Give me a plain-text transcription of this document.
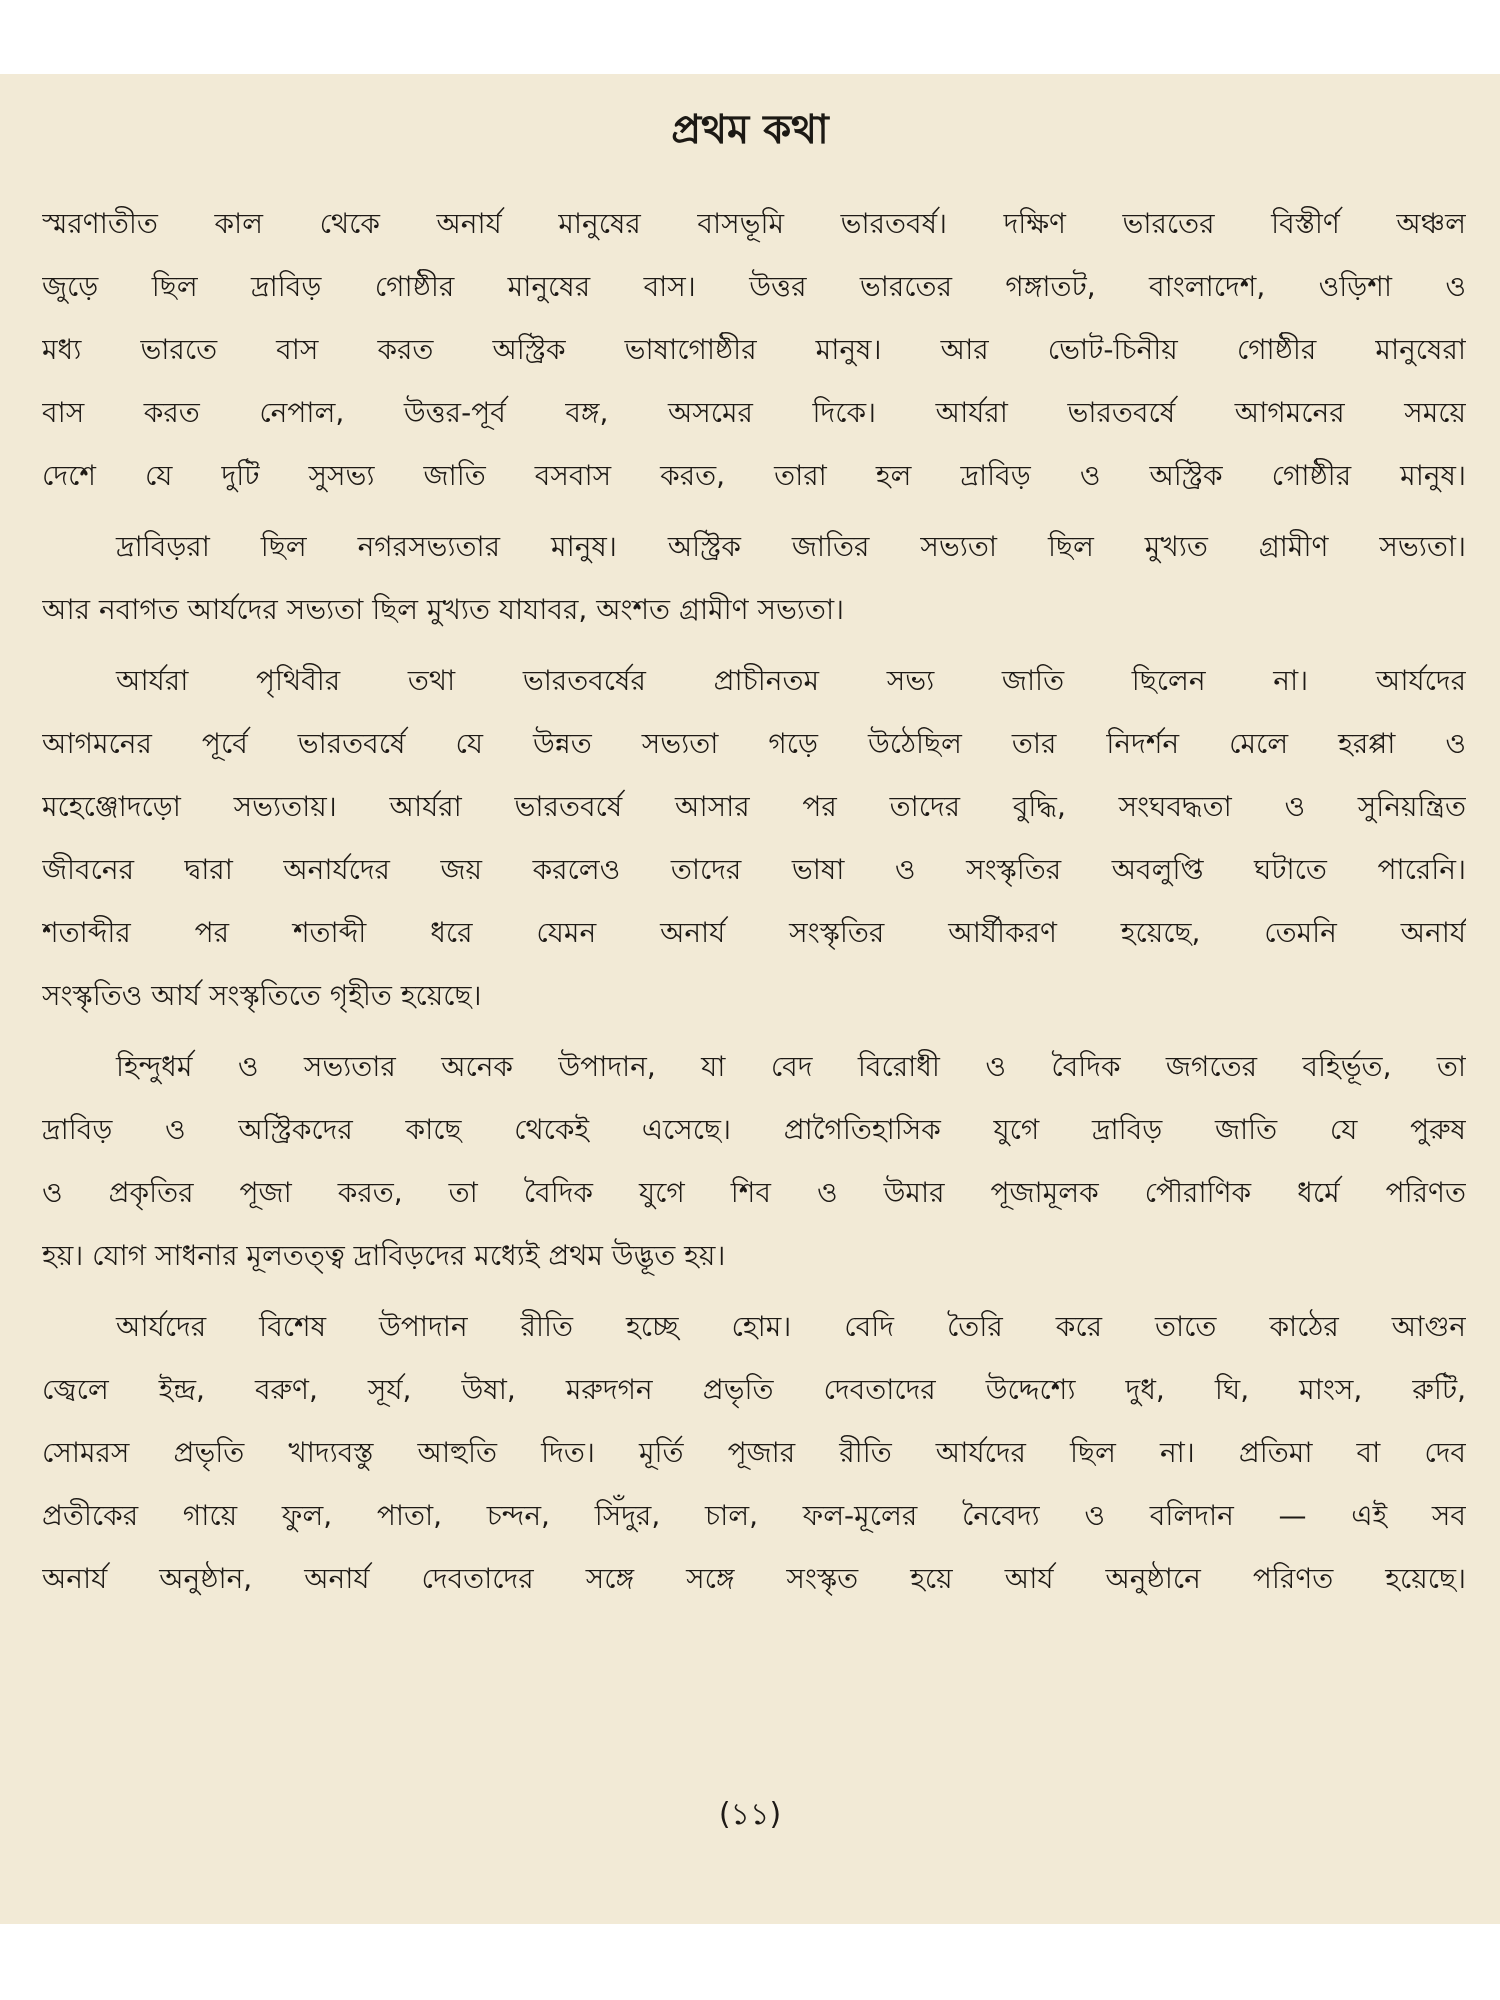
প্রথম কথা
স্মরণাতীত কাল থেকে অনার্য মানুষের বাসভূমি ভারতবর্ষ। দক্ষিণ ভারতের বিস্তীর্ণ অঞ্চল
জুড়ে ছিল দ্রাবিড় গোষ্ঠীর মানুষের বাস। উত্তর ভারতের গঙ্গাতট, বাংলাদেশ, ওড়িশা ও
মধ্য ভারতে বাস করত অস্ট্রিক ভাষাগোষ্ঠীর মানুষ। আর ভোট-চিনীয় গোষ্ঠীর মানুষেরা
বাস করত নেপাল, উত্তর-পূর্ব বঙ্গ, অসমের দিকে। আর্যরা ভারতবর্ষে আগমনের সময়ে
দেশে যে দুটি সুসভ্য জাতি বসবাস করত, তারা হল দ্রাবিড় ও অস্ট্রিক গোষ্ঠীর মানুষ।
দ্রাবিড়রা ছিল নগরসভ্যতার মানুষ। অস্ট্রিক জাতির সভ্যতা ছিল মুখ্যত গ্রামীণ সভ্যতা।
আর নবাগত আর্যদের সভ্যতা ছিল মুখ্যত যাযাবর, অংশত গ্রামীণ সভ্যতা।
আর্যরা পৃথিবীর তথা ভারতবর্ষের প্রাচীনতম সভ্য জাতি ছিলেন না। আর্যদের
আগমনের পূর্বে ভারতবর্ষে যে উন্নত সভ্যতা গড়ে উঠেছিল তার নিদর্শন মেলে হরপ্পা ও
মহেঞ্জোদড়ো সভ্যতায়। আর্যরা ভারতবর্ষে আসার পর তাদের বুদ্ধি, সংঘবদ্ধতা ও সুনিয়ন্ত্রিত
জীবনের দ্বারা অনার্যদের জয় করলেও তাদের ভাষা ও সংস্কৃতির অবলুপ্তি ঘটাতে পারেনি।
শতাব্দীর পর শতাব্দী ধরে যেমন অনার্য সংস্কৃতির আর্যীকরণ হয়েছে, তেমনি অনার্য
সংস্কৃতিও আর্য সংস্কৃতিতে গৃহীত হয়েছে।
হিন্দুধর্ম ও সভ্যতার অনেক উপাদান, যা বেদ বিরোধী ও বৈদিক জগতের বহির্ভূত, তা
দ্রাবিড় ও অস্ট্রিকদের কাছে থেকেই এসেছে। প্রাগৈতিহাসিক যুগে দ্রাবিড় জাতি যে পুরুষ
ও প্রকৃতির পূজা করত, তা বৈদিক যুগে শিব ও উমার পূজামূলক পৌরাণিক ধর্মে পরিণত
হয়। যোগ সাধনার মূলতত্ত্ব দ্রাবিড়দের মধ্যেই প্রথম উদ্ভূত হয়।
আর্যদের বিশেষ উপাদান রীতি হচ্ছে হোম। বেদি তৈরি করে তাতে কাঠের আগুন
জ্বেলে ইন্দ্র, বরুণ, সূর্য, উষা, মরুদগন প্রভৃতি দেবতাদের উদ্দেশ্যে দুধ, ঘি, মাংস, রুটি,
সোমরস প্রভৃতি খাদ্যবস্তু আহুতি দিত। মূর্তি পূজার রীতি আর্যদের ছিল না। প্রতিমা বা দেব
প্রতীকের গায়ে ফুল, পাতা, চন্দন, সিঁদুর, চাল, ফল-মূলের নৈবেদ্য ও বলিদান — এই সব
অনার্য অনুষ্ঠান, অনার্য দেবতাদের সঙ্গে সঙ্গে সংস্কৃত হয়ে আর্য অনুষ্ঠানে পরিণত হয়েছে।
(১১)
